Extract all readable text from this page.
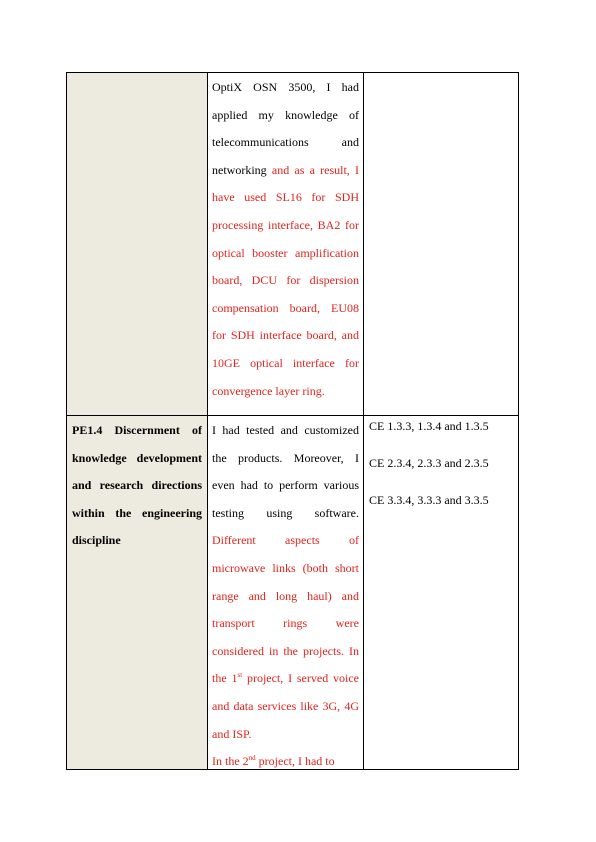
OptiX OSN 3500, I had applied my knowledge of telecommunications and networking and as a result, I have used SL16 for SDH processing interface, BA2 for optical booster amplification board, DCU for dispersion compensation board, EU08 for SDH interface board, and 10GE optical interface for convergence layer ring.

PE1.4 Discernment of knowledge development and research directions within the engineering discipline

I had tested and customized the products. Moreover, I even had to perform various testing using software. Different aspects of microwave links (both short range and long haul) and transport rings were considered in the projects. In the 1st project, I served voice and data services like 3G, 4G and ISP.

In the 2nd project, I had to

CE 1.3.3, 1.3.4 and 1.3.5

CE 2.3.4, 2.3.3 and 2.3.5

CE 3.3.4, 3.3.3 and 3.3.5
